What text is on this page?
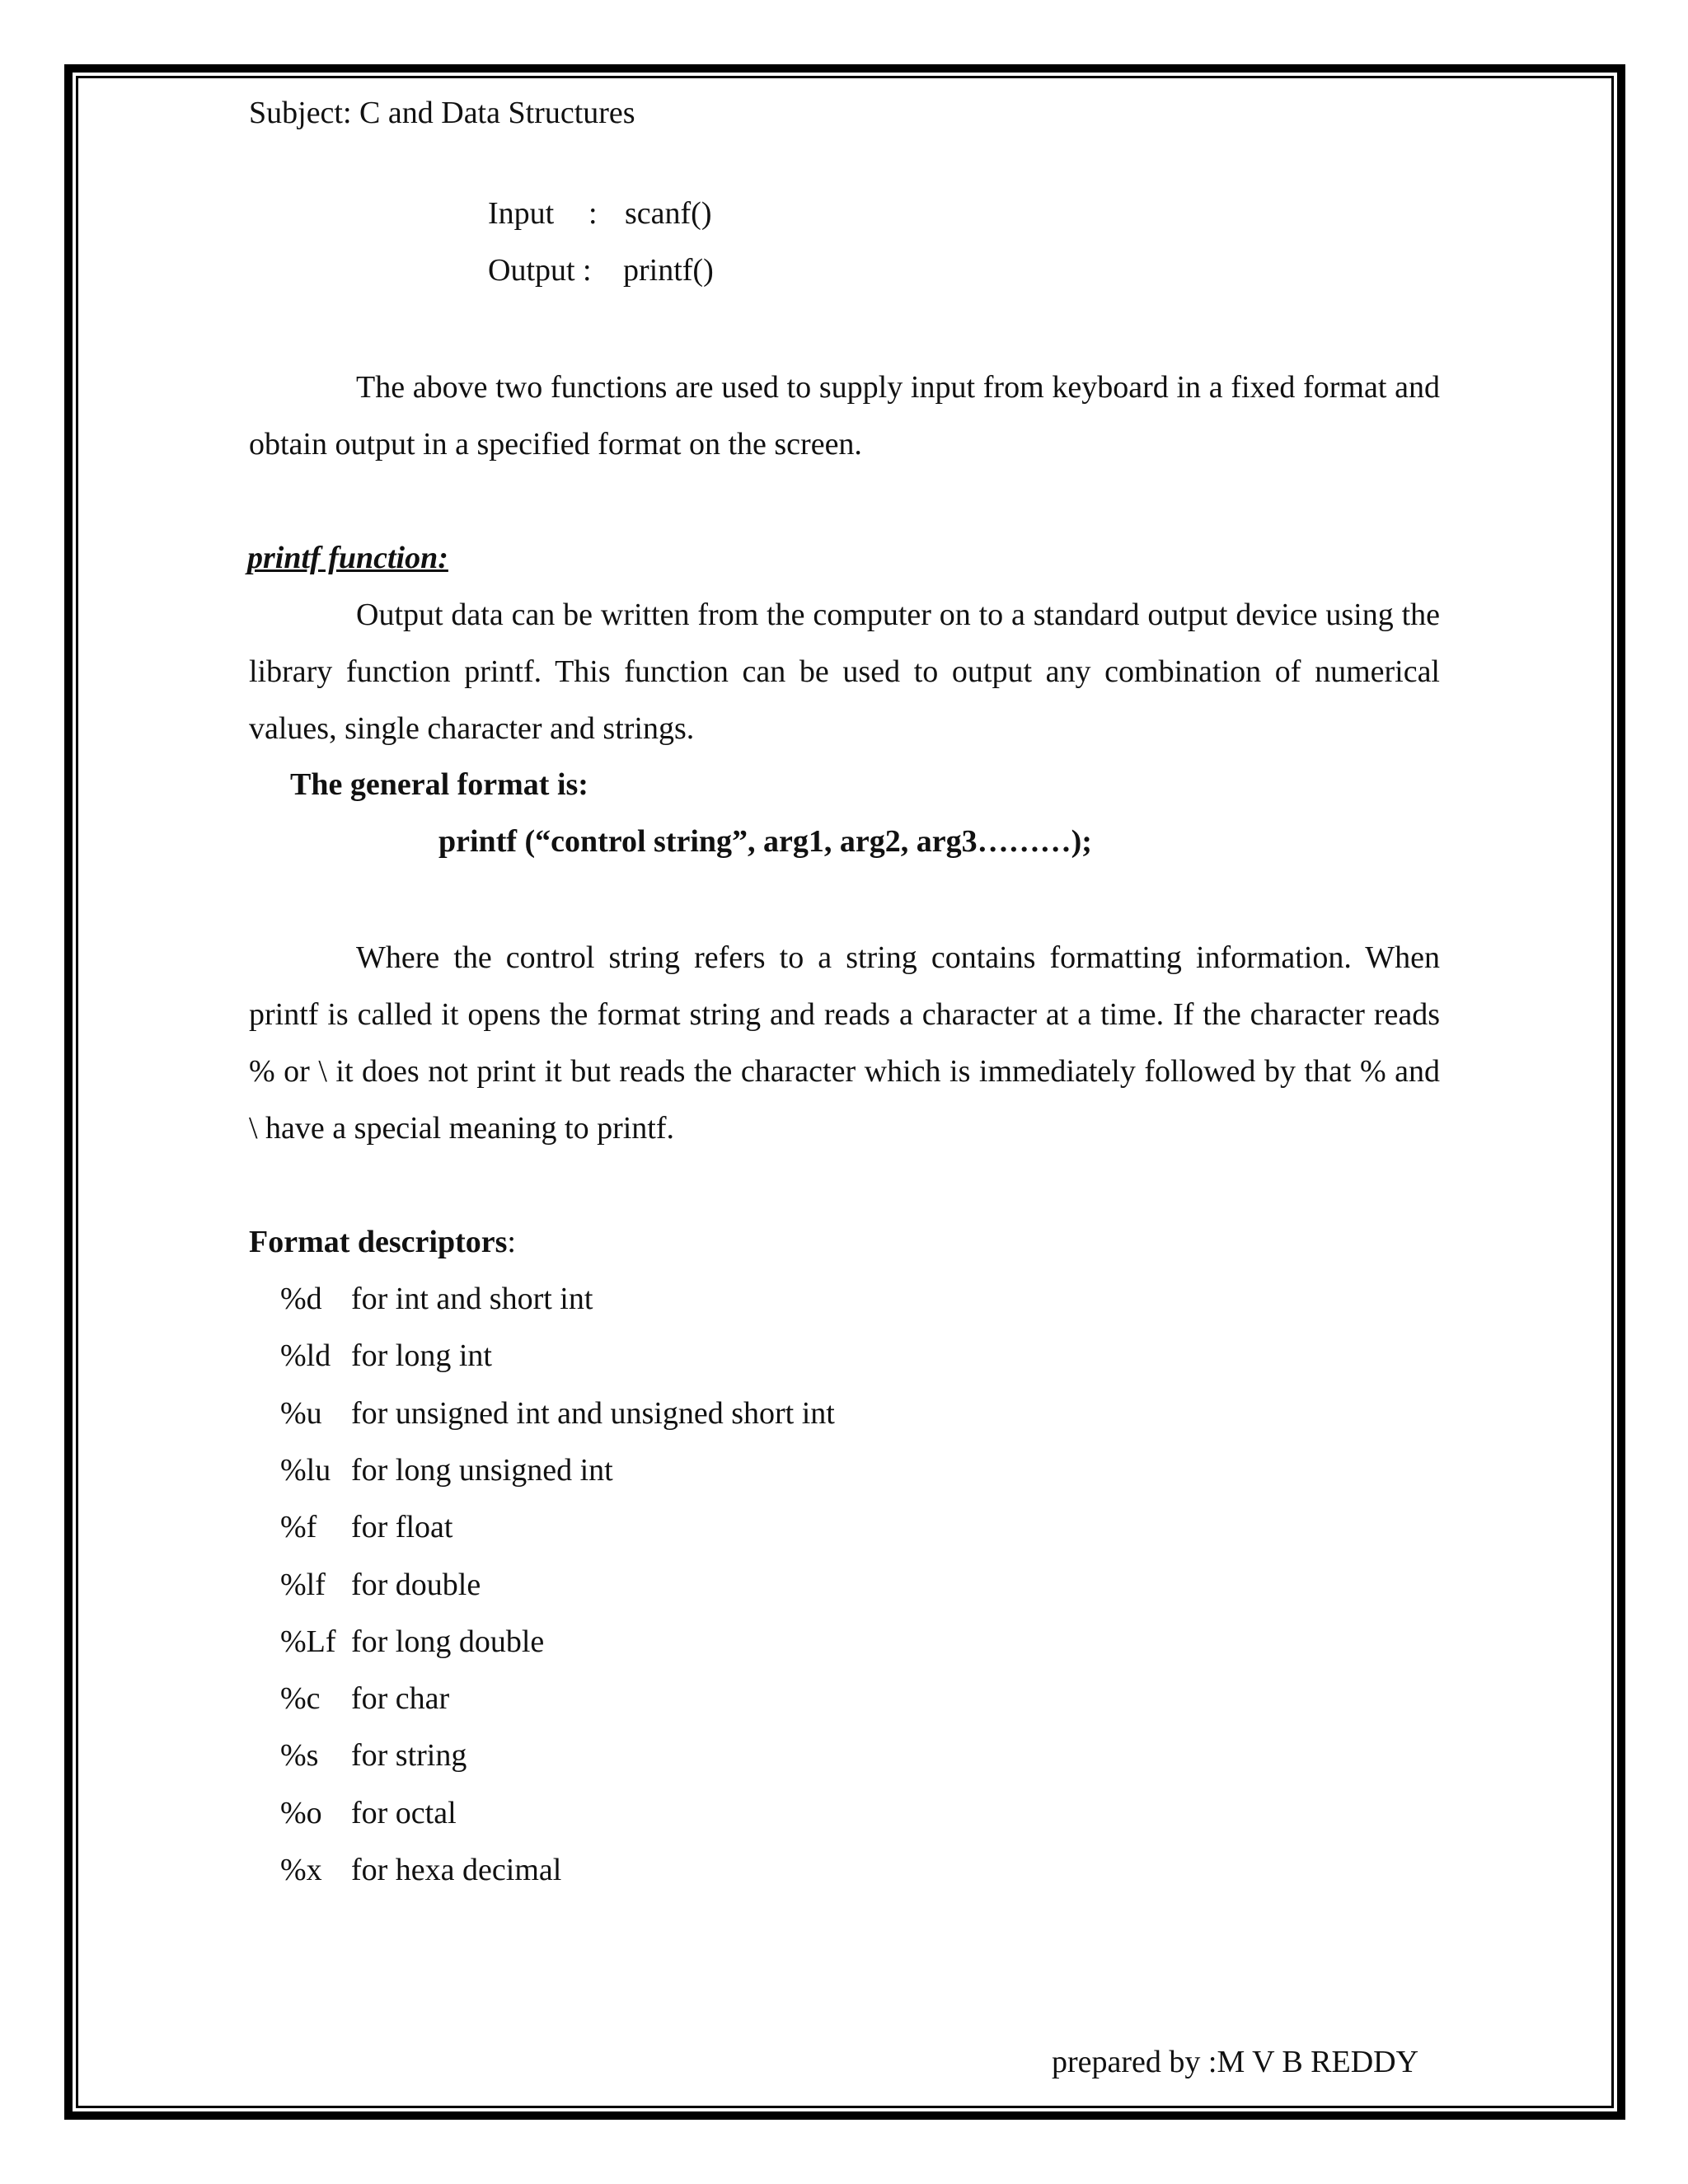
Subject: C and Data Structures
Input : scanf()
Output : printf()
The above two functions are used to supply input from keyboard in a fixed format and obtain output in a specified format on the screen.
printf function:
Output data can be written from the computer on to a standard output device using the library function printf. This function can be used to output any combination of numerical values, single character and strings.
The general format is:
printf (“control string”, arg1, arg2, arg3………);
Where the control string refers to a string contains formatting information. When printf is called it opens the format string and reads a character at a time. If the character reads % or \ it does not print it but reads the character which is immediately followed by that % and \ have a special meaning to printf.
Format descriptors:
%d for int and short int
%ld for long int
%u for unsigned int and unsigned short int
%lu for long unsigned int
%f for float
%lf for double
%Lf for long double
%c for char
%s for string
%o for octal
%x for hexa decimal
prepared by :M V B REDDY
